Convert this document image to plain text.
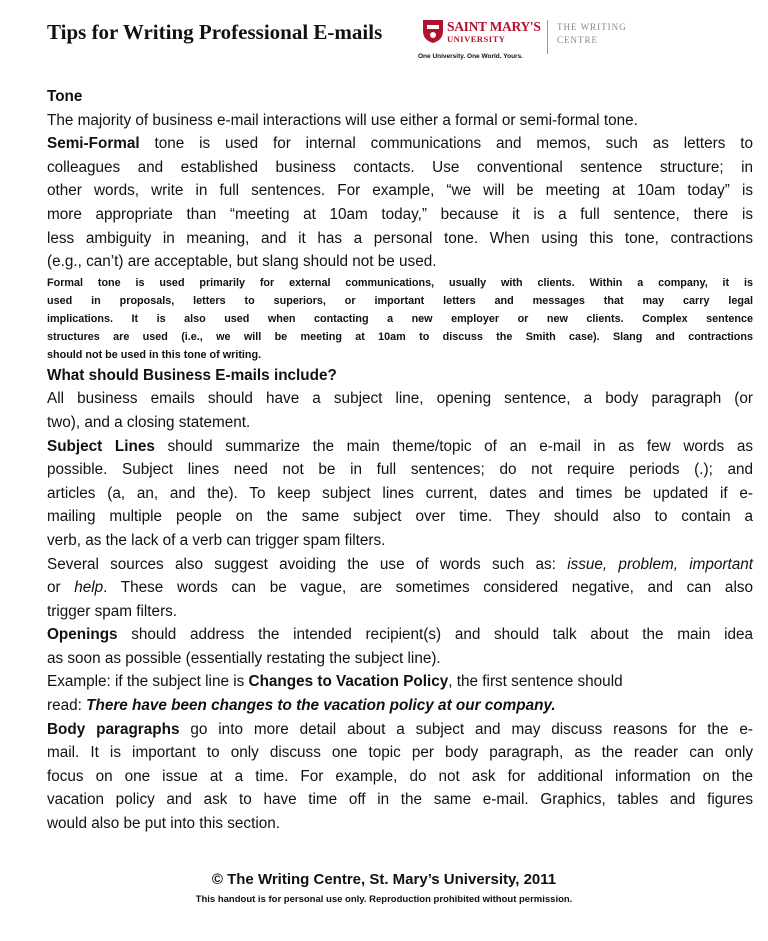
Tips for Writing Professional E-mails	SAINT MARY'S
UNIVERSITY
One University. One World. Yours.
THE WRITING
CENTRE
Tone
The majority of business e-mail interactions will use either a formal or semi-formal tone.
Semi-Formal tone is used for internal communications and memos, such as letters to
colleagues and established business contacts. Use conventional sentence structure; in
other words, write in full sentences. For example, “we will be meeting at 10am today” is
more appropriate than “meeting at 10am today,” because it is a full sentence, there is
less ambiguity in meaning, and it has a personal tone. When using this tone, contractions
(e.g., can’t) are acceptable, but slang should not be used.
Formal tone is used primarily for external communications, usually with clients. Within a company, it is
used in proposals, letters to superiors, or important letters and messages that may carry legal
implications. It is also used when contacting a new employer or new clients. Complex sentence
structures are used (i.e., we will be meeting at 10am to discuss the Smith case). Slang and contractions
should not be used in this tone of writing.
What should Business E-mails include?
All business emails should have a subject line, opening sentence, a body paragraph (or
two), and a closing statement.
Subject Lines should summarize the main theme/topic of an e-mail in as few words as
possible. Subject lines need not be in full sentences; do not require periods (.); and
articles (a, an, and the). To keep subject lines current, dates and times be updated if e-
mailing multiple people on the same subject over time. They should also to contain a
verb, as the lack of a verb can trigger spam filters.
Several sources also suggest avoiding the use of words such as: issue, problem, important
or help. These words can be vague, are sometimes considered negative, and can also
trigger spam filters.
Openings should address the intended recipient(s) and should talk about the main idea
as soon as possible (essentially restating the subject line).
Example: if the subject line is Changes to Vacation Policy, the first sentence should
read: There have been changes to the vacation policy at our company.
Body paragraphs go into more detail about a subject and may discuss reasons for the e-
mail. It is important to only discuss one topic per body paragraph, as the reader can only
focus on one issue at a time. For example, do not ask for additional information on the
vacation policy and ask to have time off in the same e-mail. Graphics, tables and figures
would also be put into this section.
© The Writing Centre, St. Mary’s University, 2011
This handout is for personal use only. Reproduction prohibited without permission.
